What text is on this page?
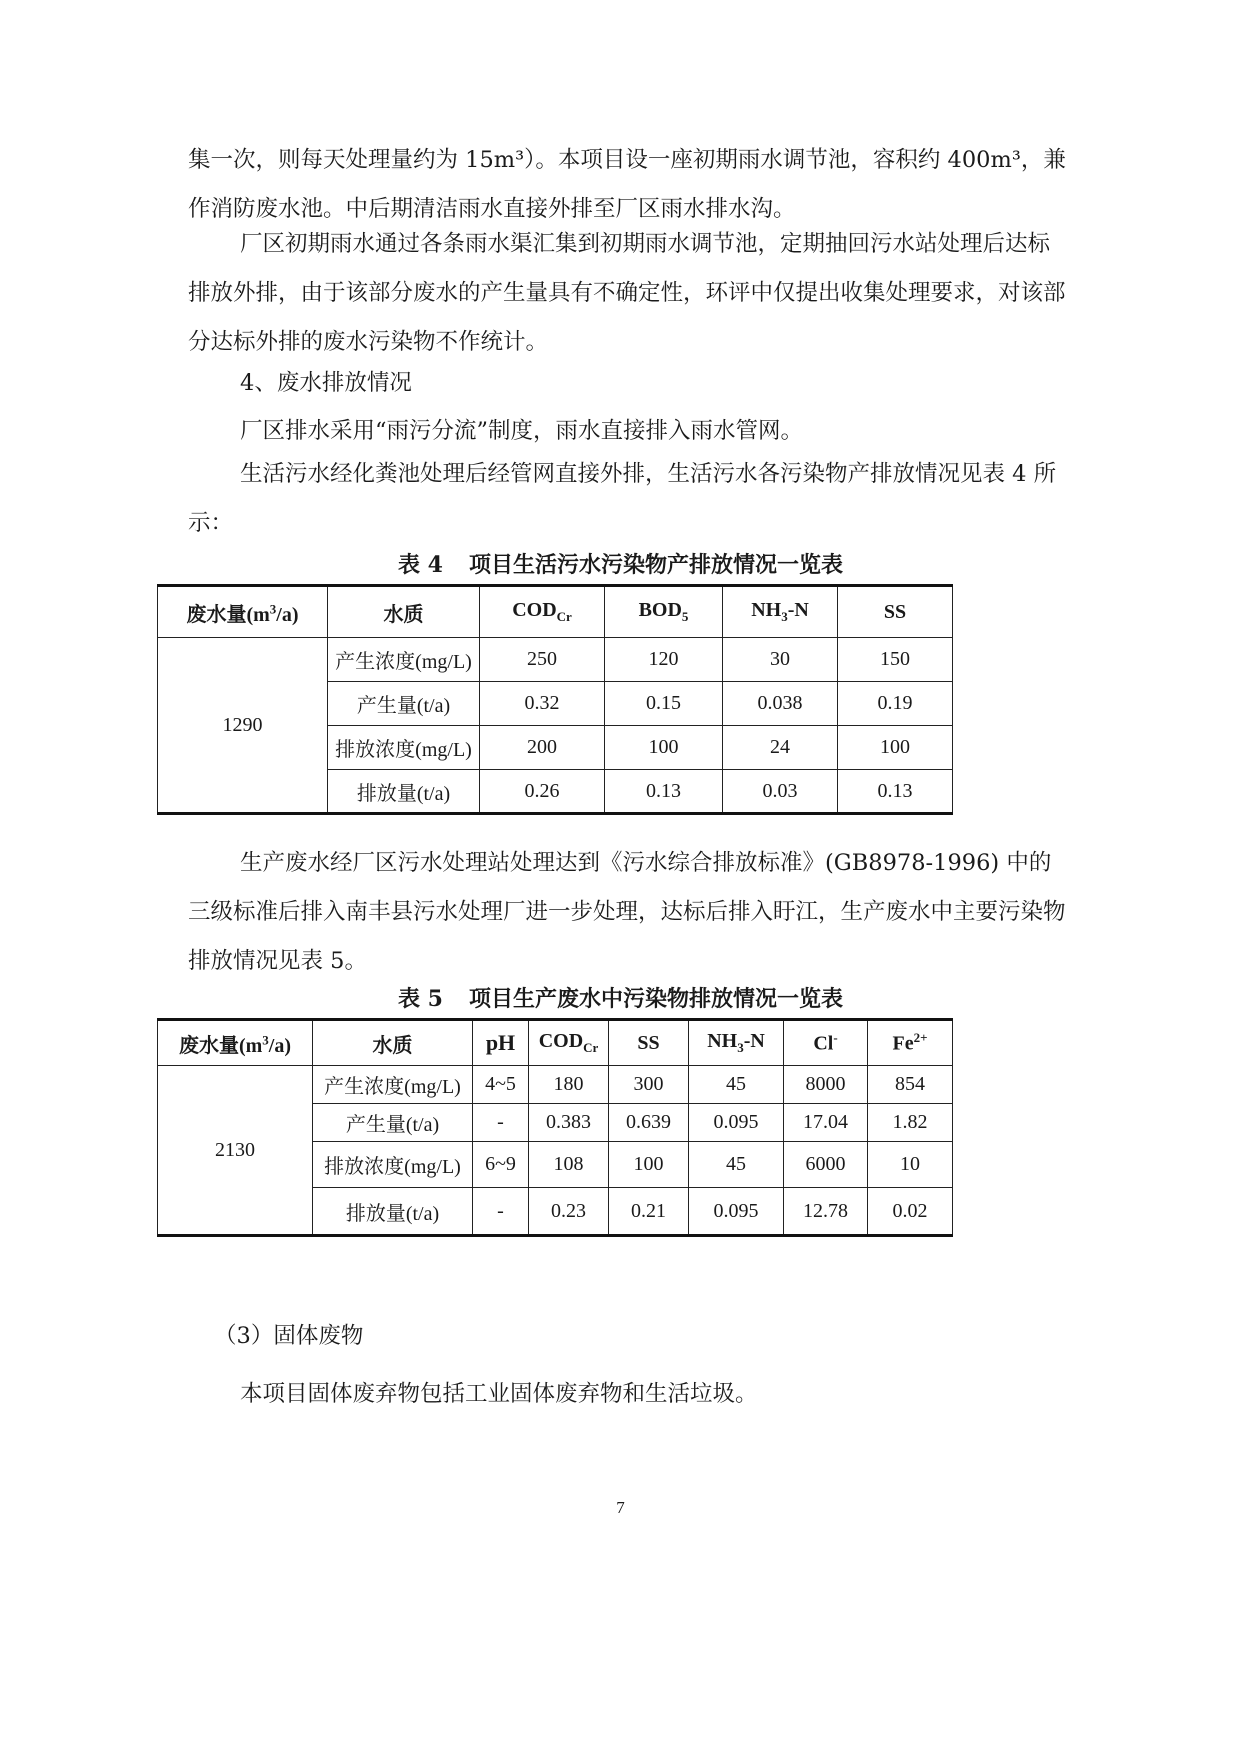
集一次，则每天处理量约为 15m³）。本项目设一座初期雨水调节池，容积约 400m³，兼作消防废水池。中后期清洁雨水直接外排至厂区雨水排水沟。

厂区初期雨水通过各条雨水渠汇集到初期雨水调节池，定期抽回污水站处理后达标排放外排，由于该部分废水的产生量具有不确定性，环评中仅提出收集处理要求，对该部分达标外排的废水污染物不作统计。

4、废水排放情况

厂区排水采用“雨污分流”制度，雨水直接排入雨水管网。

生活污水经化粪池处理后经管网直接外排，生活污水各污染物产排放情况见表 4 所示：

表 4 项目生活污水污染物产排放情况一览表

废水量$(m^3/a)$	水质	$COD_{Cr}$	$BOD_5$	$NH_3-N$	SS
1290	产生浓度(mg/L)	250	120	30	150
	产生量(t/a)	0.32	0.15	0.038	0.19
	排放浓度(mg/L)	200	100	24	100
	排放量(t/a)	0.26	0.13	0.03	0.13

生产废水经厂区污水处理站处理达到《污水综合排放标准》(GB8978-1996) 中的三级标准后排入南丰县污水处理厂进一步处理，达标后排入盱江，生产废水中主要污染物排放情况见表 5。

表 5 项目生产废水中污染物排放情况一览表

废水量$(m^3/a)$	水质	pH	$COD_{Cr}$	SS	$NH_3-N$	Cl-	$Fe^{2+}$
2130	产生浓度(mg/L)	4~5	180	300	45	8000	854
	产生量(t/a)	-	0.383	0.639	0.095	17.04	1.82
	排放浓度(mg/L)	6~9	108	100	45	6000	10
	排放量(t/a)	-	0.23	0.21	0.095	12.78	0.02

（3）固体废物

本项目固体废弃物包括工业固体废弃物和生活垃圾。

7
